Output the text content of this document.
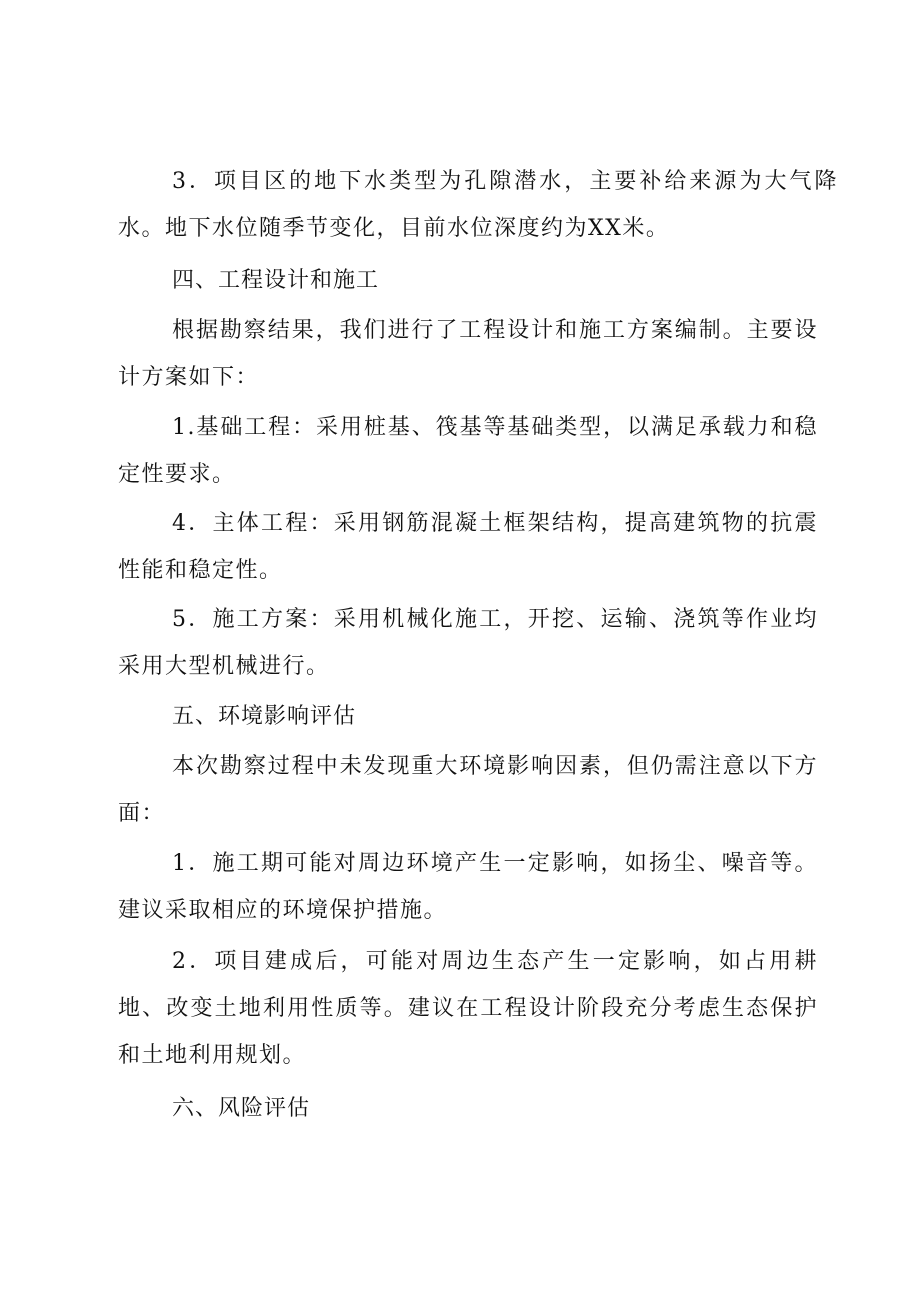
3．项目区的地下水类型为孔隙潜水，主要补给来源为大气降水。地下水位随季节变化，目前水位深度约为XX米。

四、工程设计和施工

根据勘察结果，我们进行了工程设计和施工方案编制。主要设计方案如下：

1.基础工程：采用桩基、筏基等基础类型，以满足承载力和稳定性要求。

4．主体工程：采用钢筋混凝土框架结构，提高建筑物的抗震性能和稳定性。

5．施工方案：采用机械化施工，开挖、运输、浇筑等作业均采用大型机械进行。

五、环境影响评估

本次勘察过程中未发现重大环境影响因素，但仍需注意以下方面：

1．施工期可能对周边环境产生一定影响，如扬尘、噪音等。建议采取相应的环境保护措施。

2．项目建成后，可能对周边生态产生一定影响，如占用耕地、改变土地利用性质等。建议在工程设计阶段充分考虑生态保护和土地利用规划。

六、风险评估
